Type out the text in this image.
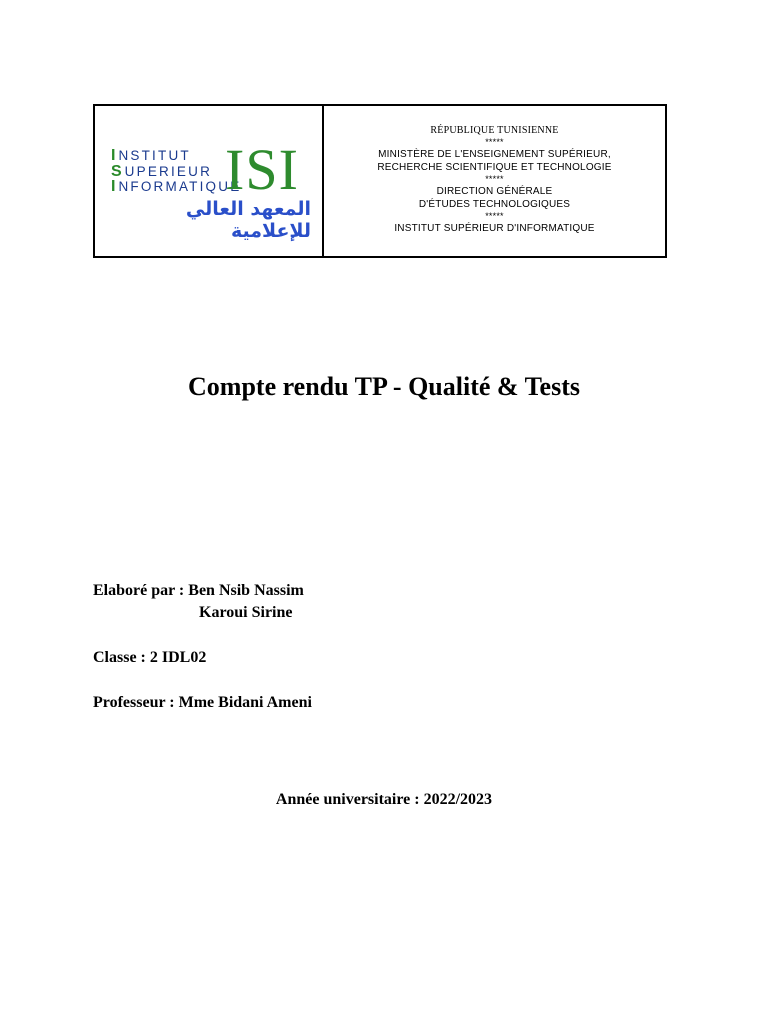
INSTITUT
SUPERIEUR
INFORMATIQUE
ISI
المعهد العالي للإعلامية
RÉPUBLIQUE TUNISIENNE
*****
MINISTÈRE DE L'ENSEIGNEMENT SUPÉRIEUR,
RECHERCHE SCIENTIFIQUE ET TECHNOLOGIE
*****
DIRECTION GÉNÉRALE
D'ÉTUDES TECHNOLOGIQUES
*****
INSTITUT SUPÉRIEUR D'INFORMATIQUE
Compte rendu TP - Qualité & Tests
Elaboré par : Ben Nsib Nassim
Karoui Sirine
Classe : 2 IDL02
Professeur : Mme Bidani Ameni
Année universitaire : 2022/2023
